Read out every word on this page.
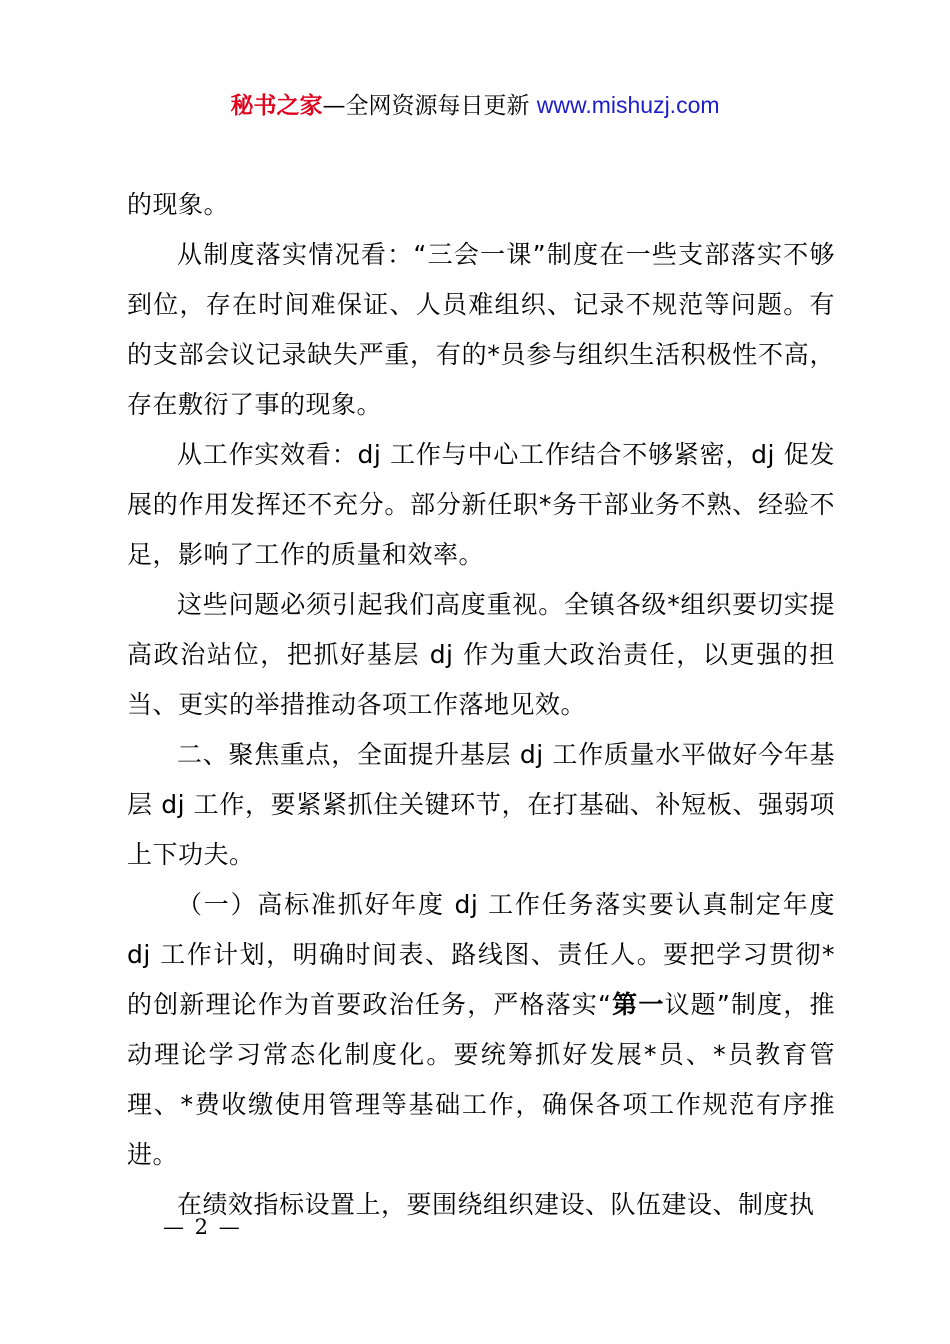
秘书之家—全网资源每日更新 www.mishuzj.com

的现象。

从制度落实情况看：“三会一课”制度在一些支部落实不够到位，存在时间难保证、人员难组织、记录不规范等问题。有的支部会议记录缺失严重，有的*员参与组织生活积极性不高，存在敷衍了事的现象。

从工作实效看：dj 工作与中心工作结合不够紧密，dj 促发展的作用发挥还不充分。部分新任职*务干部业务不熟、经验不足，影响了工作的质量和效率。

这些问题必须引起我们高度重视。全镇各级*组织要切实提高政治站位，把抓好基层 dj 作为重大政治责任，以更强的担当、更实的举措推动各项工作落地见效。

二、聚焦重点，全面提升基层 dj 工作质量水平做好今年基层 dj 工作，要紧紧抓住关键环节，在打基础、补短板、强弱项上下功夫。

（一）高标准抓好年度 dj 工作任务落实要认真制定年度 dj 工作计划，明确时间表、路线图、责任人。要把学习贯彻*的创新理论作为首要政治任务，严格落实“第一议题”制度，推动理论学习常态化制度化。要统筹抓好发展*员、*员教育管理、*费收缴使用管理等基础工作，确保各项工作规范有序推进。

在绩效指标设置上，要围绕组织建设、队伍建设、制度执

— 2 —
